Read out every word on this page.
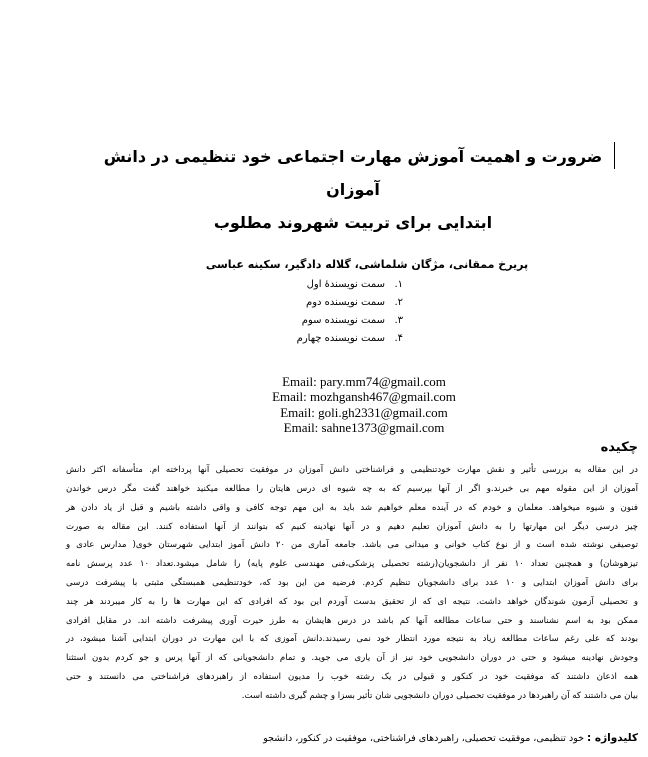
ضرورت و اهمیت آموزش مهارت اجتماعی خود تنظیمی در دانش آموزان
ابتدایی برای تربیت شهروند مطلوب
پریرخ ممقانی، مژگان شلماشی، گلاله دادگیر، سکینه عباسی
۱.سمت نویسندهٔ اول
۲.سمت نویسنده دوم
۳.سمت نویسنده سوم
۴.سمت نویسنده چهارم
Email: pary.mm74@gmail.com
Email: mozhgansh467@gmail.com
Email: goli.gh2331@gmail.com
Email: sahne1373@gmail.com
چکیده
در این مقاله به بررسی تأثیر و نقش مهارت خودتنظیمی و فراشناختی دانش آموزان در موفقیت تحصیلی آنها پرداخته ام. متأسفانه اکثر دانش
آموزان از این مقوله مهم بی خبرند.و اگر از آنها بپرسیم که به چه شیوه ای درس هایتان را مطالعه میکنید خواهند گفت مگر درس خواندن
فنون و شیوه میخواهد. معلمان و خودم که در آینده معلم خواهیم شد باید به این مهم توجه کافی و واقی داشته باشیم و قبل از یاد دادن هر
چیز درسی دیگر این مهارتها را به دانش آموزان تعلیم دهیم و در آنها نهادینه کنیم که بتوانند از آنها استفاده کنند. این مقاله به صورت
توصیفی نوشته شده است و از نوع کتاب خوانی و میدانی می باشد. جامعه آماری من ۲۰ دانش آموز ابتدایی شهرستان خوی( مدارس عادی و
تیزهوشان) و همچنین تعداد ۱۰ نفر از دانشجویان(رشته تحصیلی پزشکی،فنی مهندسی علوم پایه) را شامل میشود.تعداد ۱۰ عدد پرسش نامه
برای دانش آموزان ابتدایی و ۱۰ عدد برای دانشجویان تنظیم کردم. فرضیه من این بود که، خودتنظیمی همبستگی مثبتی با پیشرفت درسی
و تحصیلی آزمون شوندگان خواهد داشت. نتیجه ای که از تحقیق بدست آوردم این بود که افرادی که این مهارت ها را به کار میبردند هر چند
ممکن بود به اسم نشناسند و حتی ساعات مطالعه آنها کم باشد در درس هایشان به طرز حیرت آوری پیشرفت داشته اند. در مقابل افرادی
بودند که علی رغم ساعات مطالعه زیاد به نتیجه مورد انتظار خود نمی رسیدند.دانش آموزی که با این مهارت در دوران ابتدایی آشنا میشود، در
وجودش نهادینه میشود و حتی در دوران دانشجویی خود نیز از آن یاری می جوید. و تمام دانشجویانی که از آنها پرس و جو کردم بدون استثنا
همه اذعان داشتند که موفقیت خود در کنکور و قبولی در یک رشته خوب را مدیون استفاده از راهبردهای فراشناختی می دانستند و حتی
بیان می داشتند که آن راهبردها در موفقیت تحصیلی دوران دانشجویی شان تأثیر بسزا و چشم گیری داشته است.
کلیدواژه : خود تنظیمی، موفقیت تحصیلی، راهبردهای فراشناختی، موفقیت در کنکور، دانشجو
